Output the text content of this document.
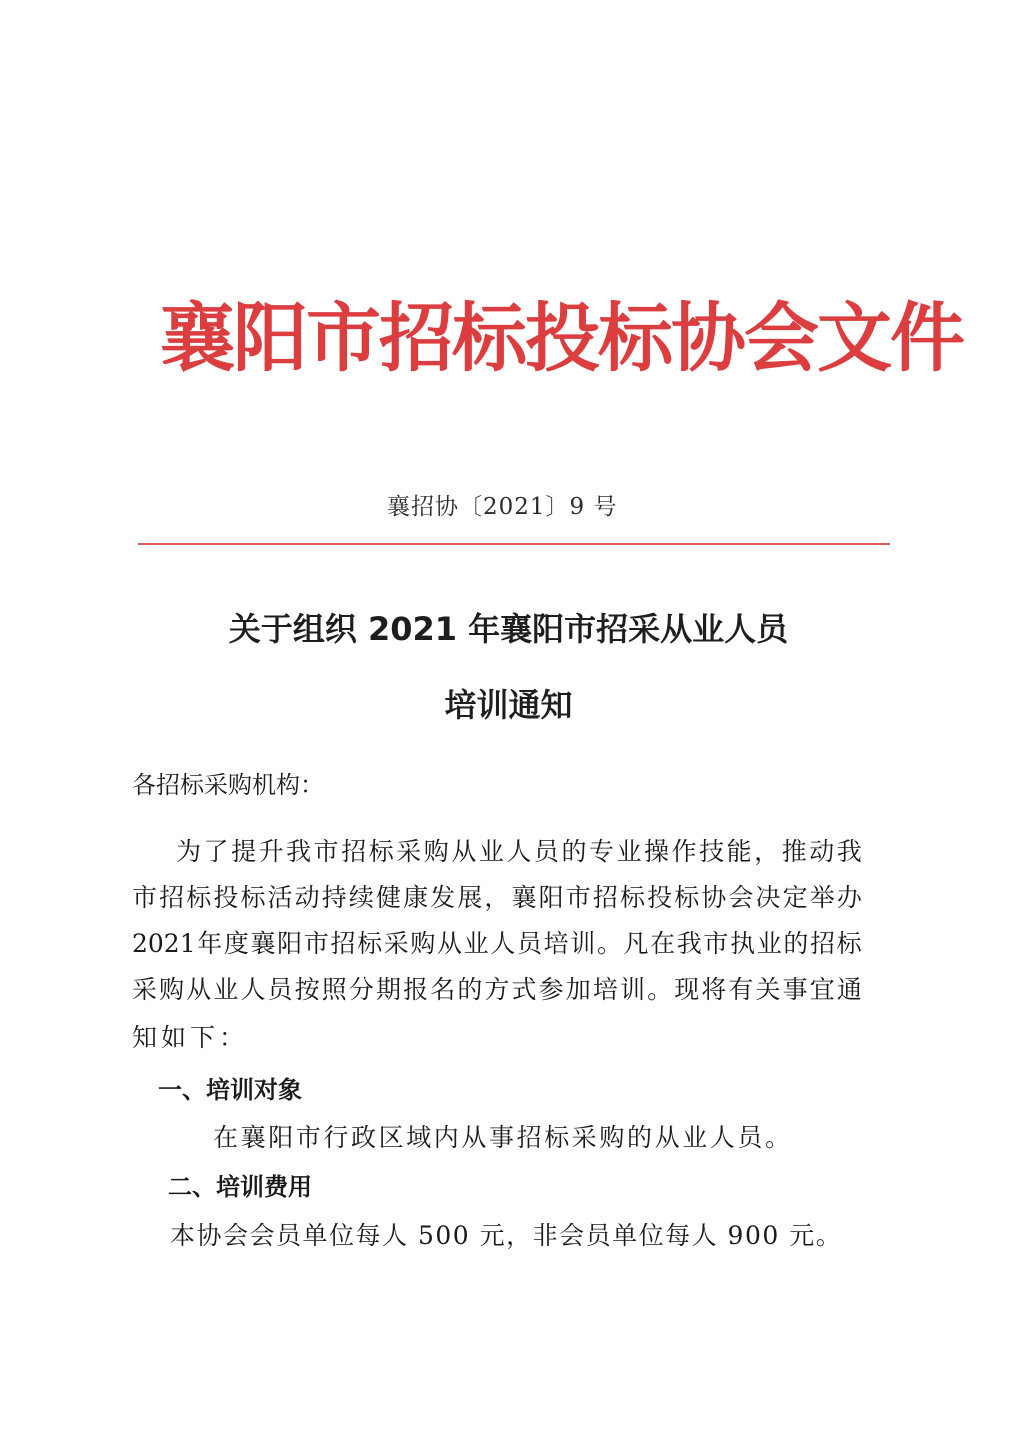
襄阳市招标投标协会文件
襄招协〔2021〕9 号
关于组织 2021 年襄阳市招采从业人员
培训通知
各招标采购机构：
为 了 提 升 我 市 招 标 采 购 从 业 人 员 的 专 业 操 作 技 能 ， 推 动 我
市 招 标 投 标 活 动 持 续 健 康 发 展 ， 襄 阳 市 招 标 投 标 协 会 决 定 举 办
2021 年 度 襄 阳 市 招 标 采 购 从 业 人 员 培 训 。 凡 在 我 市 执 业 的 招 标
采 购 从 业 人 员 按 照 分 期 报 名 的 方 式 参 加 培 训 。 现 将 有 关 事 宜 通
知如下：
一、培训对象
在襄阳市行政区域内从事招标采购的从业人员。
二、培训费用
本协会会员单位每人 500 元，非会员单位每人 900 元。
